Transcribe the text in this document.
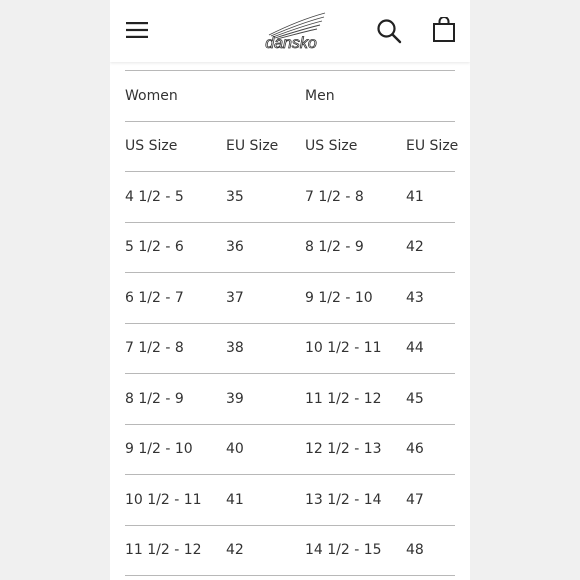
dansko
Women	Men
US Size	EU Size US Size	EU Size
4 1/2 - 5	35	7 1/2 - 8	41
5 1/2 - 6	36	8 1/2 - 9	42
6 1/2 - 7	37	9 1/2 - 10 43
7 1/2 - 8	38	10 1/2 - 11 44
8 1/2 - 9	39	11 1/2 - 12 45
9 1/2 - 10 40	12 1/2 - 13 46
10 1/2 - 11 41	13 1/2 - 14 47
11 1/2 - 12 42	14 1/2 - 15 48
